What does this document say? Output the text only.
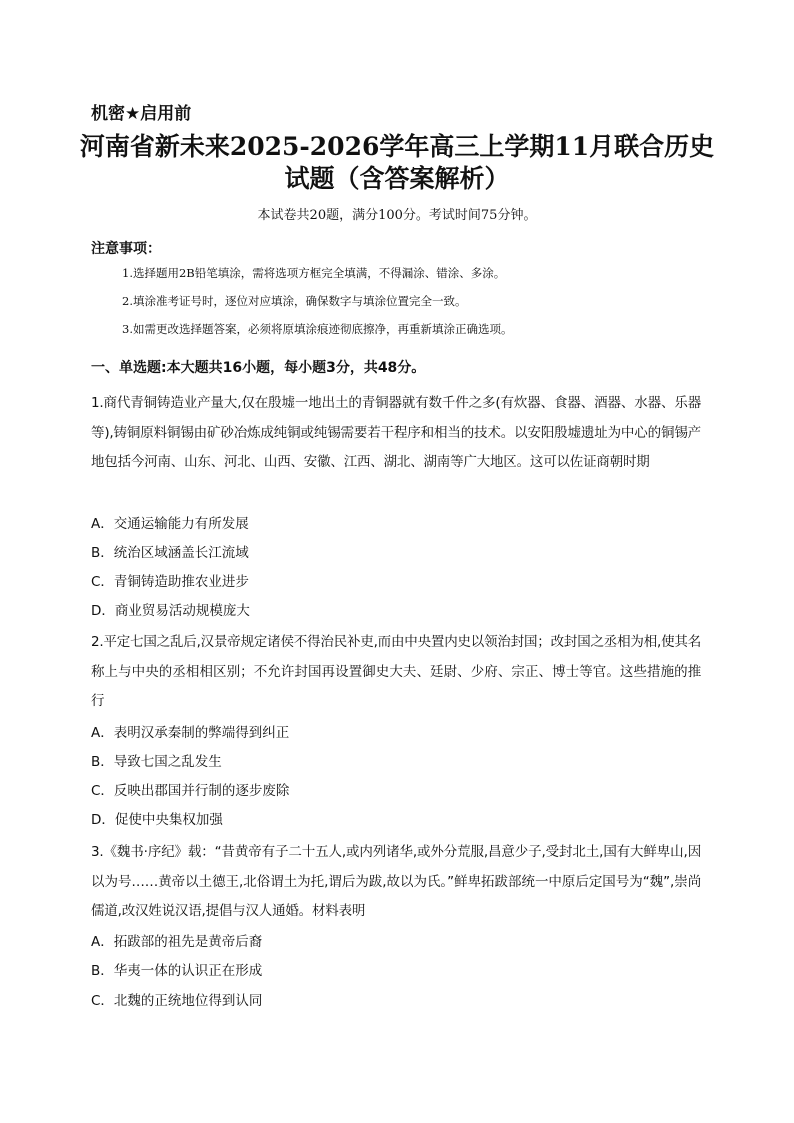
机密★启用前
河南省新未来2025-2026学年高三上学期11月联合历史
试题（含答案解析）
本试卷共20题，满分100分。考试时间75分钟。
注意事项：
1.选择题用2B铅笔填涂，需将选项方框完全填满，不得漏涂、错涂、多涂。
2.填涂准考证号时，逐位对应填涂，确保数字与填涂位置完全一致。
3.如需更改选择题答案，必须将原填涂痕迹彻底擦净，再重新填涂正确选项。
一、单选题:本大题共16小题，每小题3分，共48分。
1.商代青铜铸造业产量大,仅在殷墟一地出土的青铜器就有数千件之多(有炊器、食器、酒器、水器、乐器等),铸铜原料铜锡由矿砂冶炼成纯铜或纯锡需要若干程序和相当的技术。以安阳殷墟遗址为中心的铜锡产地包括今河南、山东、河北、山西、安徽、江西、湖北、湖南等广大地区。这可以佐证商朝时期
A．交通运输能力有所发展
B．统治区域涵盖长江流域
C．青铜铸造助推农业进步
D．商业贸易活动规模庞大
2.平定七国之乱后,汉景帝规定诸侯不得治民补吏,而由中央置内史以领治封国；改封国之丞相为相,使其名称上与中央的丞相相区别；不允许封国再设置御史大夫、廷尉、少府、宗正、博士等官。这些措施的推行
A．表明汉承秦制的弊端得到纠正
B．导致七国之乱发生
C．反映出郡国并行制的逐步废除
D．促使中央集权加强
3.《魏书·序纪》载：“昔黄帝有子二十五人,或内列诸华,或外分荒服,昌意少子,受封北土,国有大鲜卑山,因以为号……黄帝以土德王,北俗谓土为托,谓后为跋,故以为氏。”鲜卑拓跋部统一中原后定国号为“魏”,崇尚儒道,改汉姓说汉语,提倡与汉人通婚。材料表明
A．拓跋部的祖先是黄帝后裔
B．华夷一体的认识正在形成
C．北魏的正统地位得到认同
